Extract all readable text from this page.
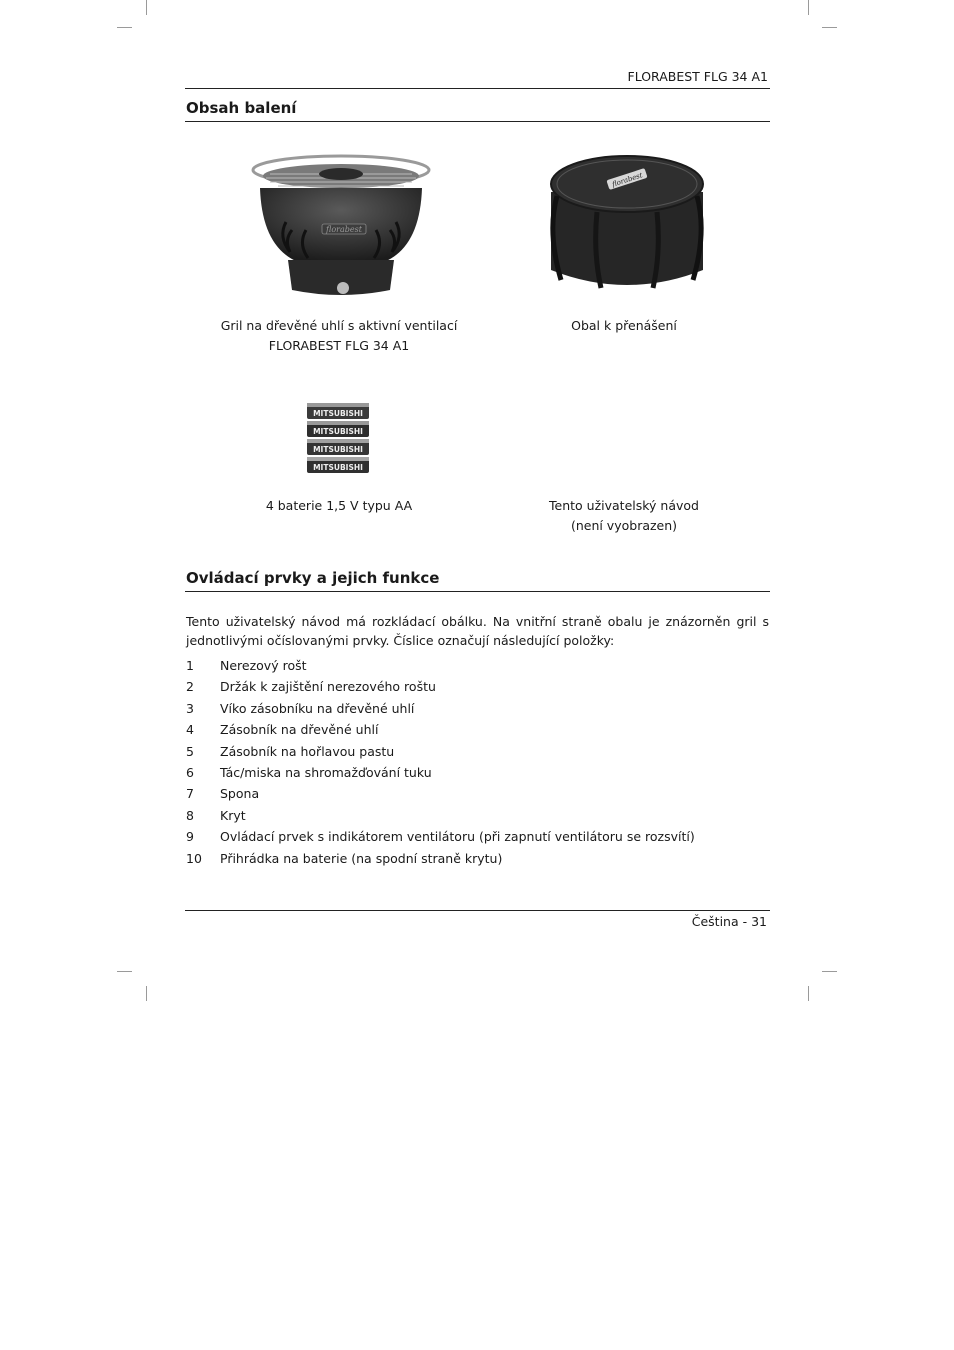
FLORABEST FLG 34 A1
Obsah balení
florabest
florabest
Gril na dřevěné uhlí s aktivní ventilací
FLORABEST FLG 34 A1
Obal k přenášení
MITSUBISHI
MITSUBISHI
MITSUBISHI
MITSUBISHI
4 baterie 1,5 V typu AA	Tento uživatelský návod
(není vyobrazen)
Ovládací prvky a jejich funkce
Tento uživatelský návod má rozkládací obálku. Na vnitřní straně obalu je znázorněn gril s jednotlivými očíslovanými prvky. Číslice označují následující položky:
1 Nerezový rošt
2 Držák k zajištění nerezového roštu
3 Víko zásobníku na dřevěné uhlí
4 Zásobník na dřevěné uhlí
5 Zásobník na hořlavou pastu
6 Tác/miska na shromažďování tuku
7 Spona
8 Kryt
9 Ovládací prvek s indikátorem ventilátoru (při zapnutí ventilátoru se rozsvítí)
10 Přihrádka na baterie (na spodní straně krytu)
Čeština - 31
